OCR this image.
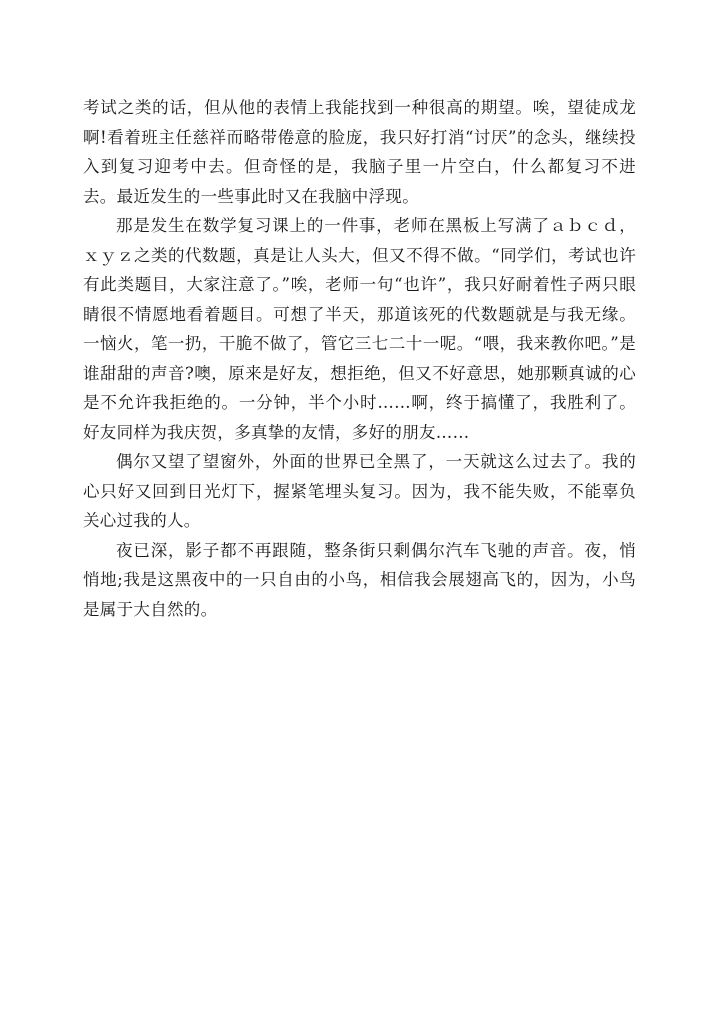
考试之类的话，但从他的表情上我能找到一种很高的期望。唉，望徒成龙啊!看着班主任慈祥而略带倦意的脸庞，我只好打消“讨厌”的念头，继续投入到复习迎考中去。但奇怪的是，我脑子里一片空白，什么都复习不进去。最近发生的一些事此时又在我脑中浮现。

那是发生在数学复习课上的一件事，老师在黑板上写满了ａｂｃｄ，ｘｙｚ之类的代数题，真是让人头大，但又不得不做。“同学们，考试也许有此类题目，大家注意了。”唉，老师一句“也许”，我只好耐着性子两只眼睛很不情愿地看着题目。可想了半天，那道该死的代数题就是与我无缘。一恼火，笔一扔，干脆不做了，管它三七二十一呢。“喂，我来教你吧。”是谁甜甜的声音?噢，原来是好友，想拒绝，但又不好意思，她那颗真诚的心是不允许我拒绝的。一分钟，半个小时……啊，终于搞懂了，我胜利了。好友同样为我庆贺，多真挚的友情，多好的朋友……

偶尔又望了望窗外，外面的世界已全黑了，一天就这么过去了。我的心只好又回到日光灯下，握紧笔埋头复习。因为，我不能失败，不能辜负关心过我的人。

夜已深，影子都不再跟随，整条街只剩偶尔汽车飞驰的声音。夜，悄悄地;我是这黑夜中的一只自由的小鸟，相信我会展翅高飞的，因为，小鸟是属于大自然的。
